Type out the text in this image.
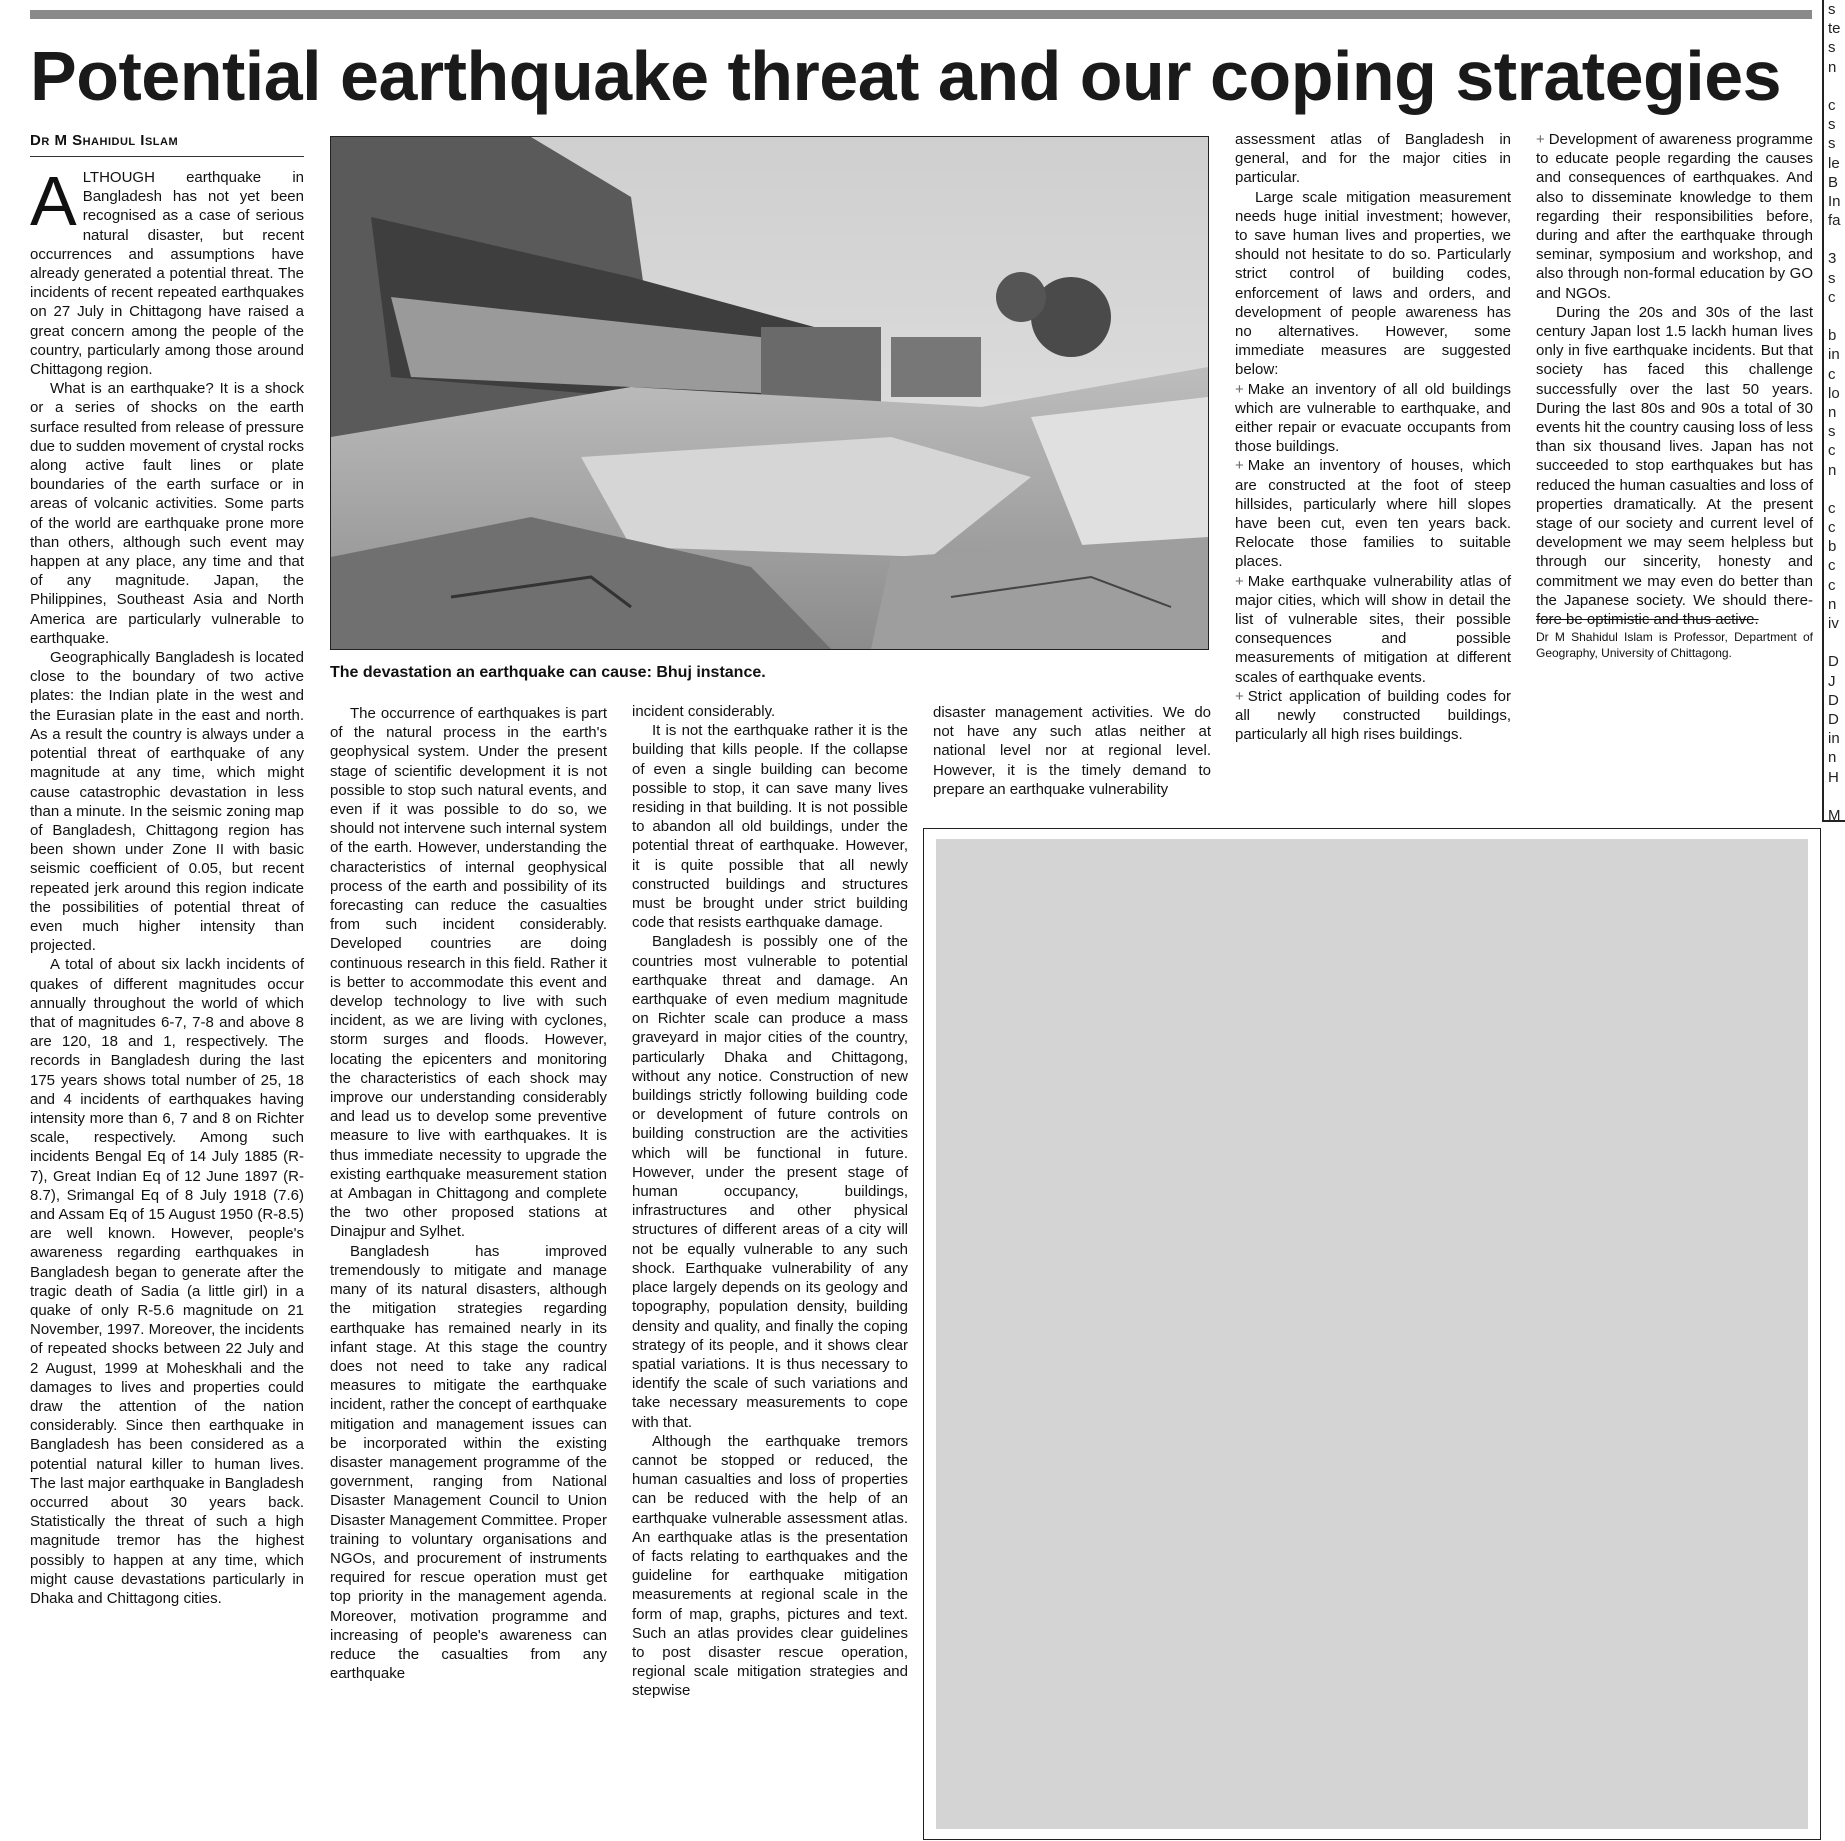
Potential earthquake threat and our coping strategies
Dr M Shahidul Islam

ALTHOUGH earthquake in Bangladesh has not yet been recognised as a case of serious natural disaster, but recent occurrences and assumptions have already generated a potential threat. The incidents of recent repeated earthquakes on 27 July in Chittagong have raised a great concern among the people of the country, particularly among those around Chittagong region.

What is an earthquake? It is a shock or a series of shocks on the earth surface resulted from release of pressure due to sudden movement of crystal rocks along active fault lines or plate boundaries of the earth surface or in areas of volcanic activities. Some parts of the world are earthquake prone more than others, although such event may happen at any place, any time and that of any magnitude. Japan, the Philippines, Southeast Asia and North America are particularly vulnerable to earthquake.

Geographically Bangladesh is located close to the boundary of two active plates: the Indian plate in the west and the Eurasian plate in the east and north. As a result the country is always under a potential threat of earthquake of any magnitude at any time, which might cause catastrophic devastation in less than a minute. In the seismic zoning map of Bangladesh, Chittagong region has been shown under Zone II with basic seismic coefficient of 0.05, but recent repeated jerk around this region indicate the possibilities of potential threat of even much higher intensity than projected.

A total of about six lackh incidents of quakes of different magnitudes occur annually throughout the world of which that of magnitudes 6-7, 7-8 and above 8 are 120, 18 and 1, respectively. The records in Bangladesh during the last 175 years shows total number of 25, 18 and 4 incidents of earthquakes having intensity more than 6, 7 and 8 on Richter scale, respectively. Among such incidents Bengal Eq of 14 July 1885 (R-7), Great Indian Eq of 12 June 1897 (R-8.7), Srimangal Eq of 8 July 1918 (7.6) and Assam Eq of 15 August 1950 (R-8.5) are well known. However, people's awareness regarding earthquakes in Bangladesh began to generate after the tragic death of Sadia (a little girl) in a quake of only R-5.6 magnitude on 21 November, 1997. Moreover, the incidents of repeated shocks between 22 July and 2 August, 1999 at Moheskhali and the damages to lives and properties could draw the attention of the nation considerably. Since then earthquake in Bangladesh has been considered as a potential natural killer to human lives. The last major earthquake in Bangladesh occurred about 30 years back. Statistically the threat of such a high magnitude tremor has the highest possibly to happen at any time, which might cause devastations particularly in Dhaka and Chittagong cities.

The devastation an earthquake can cause: Bhuj instance.

The occurrence of earthquakes is part of the natural process in the earth's geophysical system. Under the present stage of scientific development it is not possible to stop such natural events, and even if it was possible to do so, we should not intervene such internal system of the earth. However, understanding the characteristics of internal geophysical process of the earth and possibility of its forecasting can reduce the casualties from such incident considerably. Developed countries are doing continuous research in this field. Rather it is better to accommodate this event and develop technology to live with such incident, as we are living with cyclones, storm surges and floods. However, locating the epicenters and monitoring the characteristics of each shock may improve our understanding considerably and lead us to develop some preventive measure to live with earthquakes. It is thus immediate necessity to upgrade the existing earthquake measurement station at Ambagan in Chittagong and complete the two other proposed stations at Dinajpur and Sylhet.

Bangladesh has improved tremendously to mitigate and manage many of its natural disasters, although the mitigation strategies regarding earthquake has remained nearly in its infant stage. At this stage the country does not need to take any radical measures to mitigate the earthquake incident, rather the concept of earthquake mitigation and management issues can be incorporated within the existing disaster management programme of the government, ranging from National Disaster Management Council to Union Disaster Management Committee. Proper training to voluntary organisations and NGOs, and procurement of instruments required for rescue operation must get top priority in the management agenda. Moreover, motivation programme and increasing of people's awareness can reduce the casualties from any earthquake

incident considerably.

It is not the earthquake rather it is the building that kills people. If the collapse of even a single building can become possible to stop, it can save many lives residing in that building. It is not possible to abandon all old buildings, under the potential threat of earthquake. However, it is quite possible that all newly constructed buildings and structures must be brought under strict building code that resists earthquake damage.

Bangladesh is possibly one of the countries most vulnerable to potential earthquake threat and damage. An earthquake of even medium magnitude on Richter scale can produce a mass graveyard in major cities of the country, particularly Dhaka and Chittagong, without any notice. Construction of new buildings strictly following building code or development of future controls on building construction are the activities which will be functional in future. However, under the present stage of human occupancy, buildings, infrastructures and other physical structures of different areas of a city will not be equally vulnerable to any such shock. Earthquake vulnerability of any place largely depends on its geology and topography, population density, building density and quality, and finally the coping strategy of its people, and it shows clear spatial variations. It is thus necessary to identify the scale of such variations and take necessary measurements to cope with that.

Although the earthquake tremors cannot be stopped or reduced, the human casualties and loss of properties can be reduced with the help of an earthquake vulnerable assessment atlas. An earthquake atlas is the presentation of facts relating to earthquakes and the guideline for earthquake mitigation measurements at regional scale in the form of map, graphs, pictures and text. Such an atlas provides clear guidelines to post disaster rescue operation, regional scale mitigation strategies and stepwise

disaster management activities. We do not have any such atlas neither at national level nor at regional level. However, it is the timely demand to prepare an earthquake vulnerability

assessment atlas of Bangladesh in general, and for the major cities in particular.

Large scale mitigation measurement needs huge initial investment; however, to save human lives and properties, we should not hesitate to do so. Particularly strict control of building codes, enforcement of laws and orders, and development of people awareness has no alternatives. However, some immediate measures are suggested below:

+ Make an inventory of all old buildings which are vulnerable to earthquake, and either repair or evacuate occupants from those buildings.

+ Make an inventory of houses, which are constructed at the foot of steep hillsides, particularly where hill slopes have been cut, even ten years back. Relocate those families to suitable places.

+ Make earthquake vulnerability atlas of major cities, which will show in detail the list of vulnerable sites, their possible consequences and possible measurements of mitigation at different scales of earthquake events.

+ Strict application of building codes for all newly constructed buildings, particularly all high rises buildings.

+ Development of awareness programme to educate people regarding the causes and consequences of earthquakes. And also to disseminate knowledge to them regarding their responsibilities before, during and after the earthquake through seminar, symposium and workshop, and also through non-formal education by GO and NGOs.

During the 20s and 30s of the last century Japan lost 1.5 lackh human lives only in five earthquake incidents. But that society has faced this challenge successfully over the last 50 years. During the last 80s and 90s a total of 30 events hit the country causing loss of less than six thousand lives. Japan has not succeeded to stop earthquakes but has reduced the human casualties and loss of properties dramatically. At the present stage of our society and current level of development we may seem helpless but through our sincerity, honesty and commitment we may even do better than the Japanese society. We should there- fore be optimistic and thus active.

Dr M Shahidul Islam is Professor, Department of Geography, University of Chittagong.

s
te
s
n
c
s
s
le
B
In
fa
3
s
c
b
in
c
lo
n
s
c
n
c
c
b
c
c
n
iv
D
J
D
D
in
n
H
M
